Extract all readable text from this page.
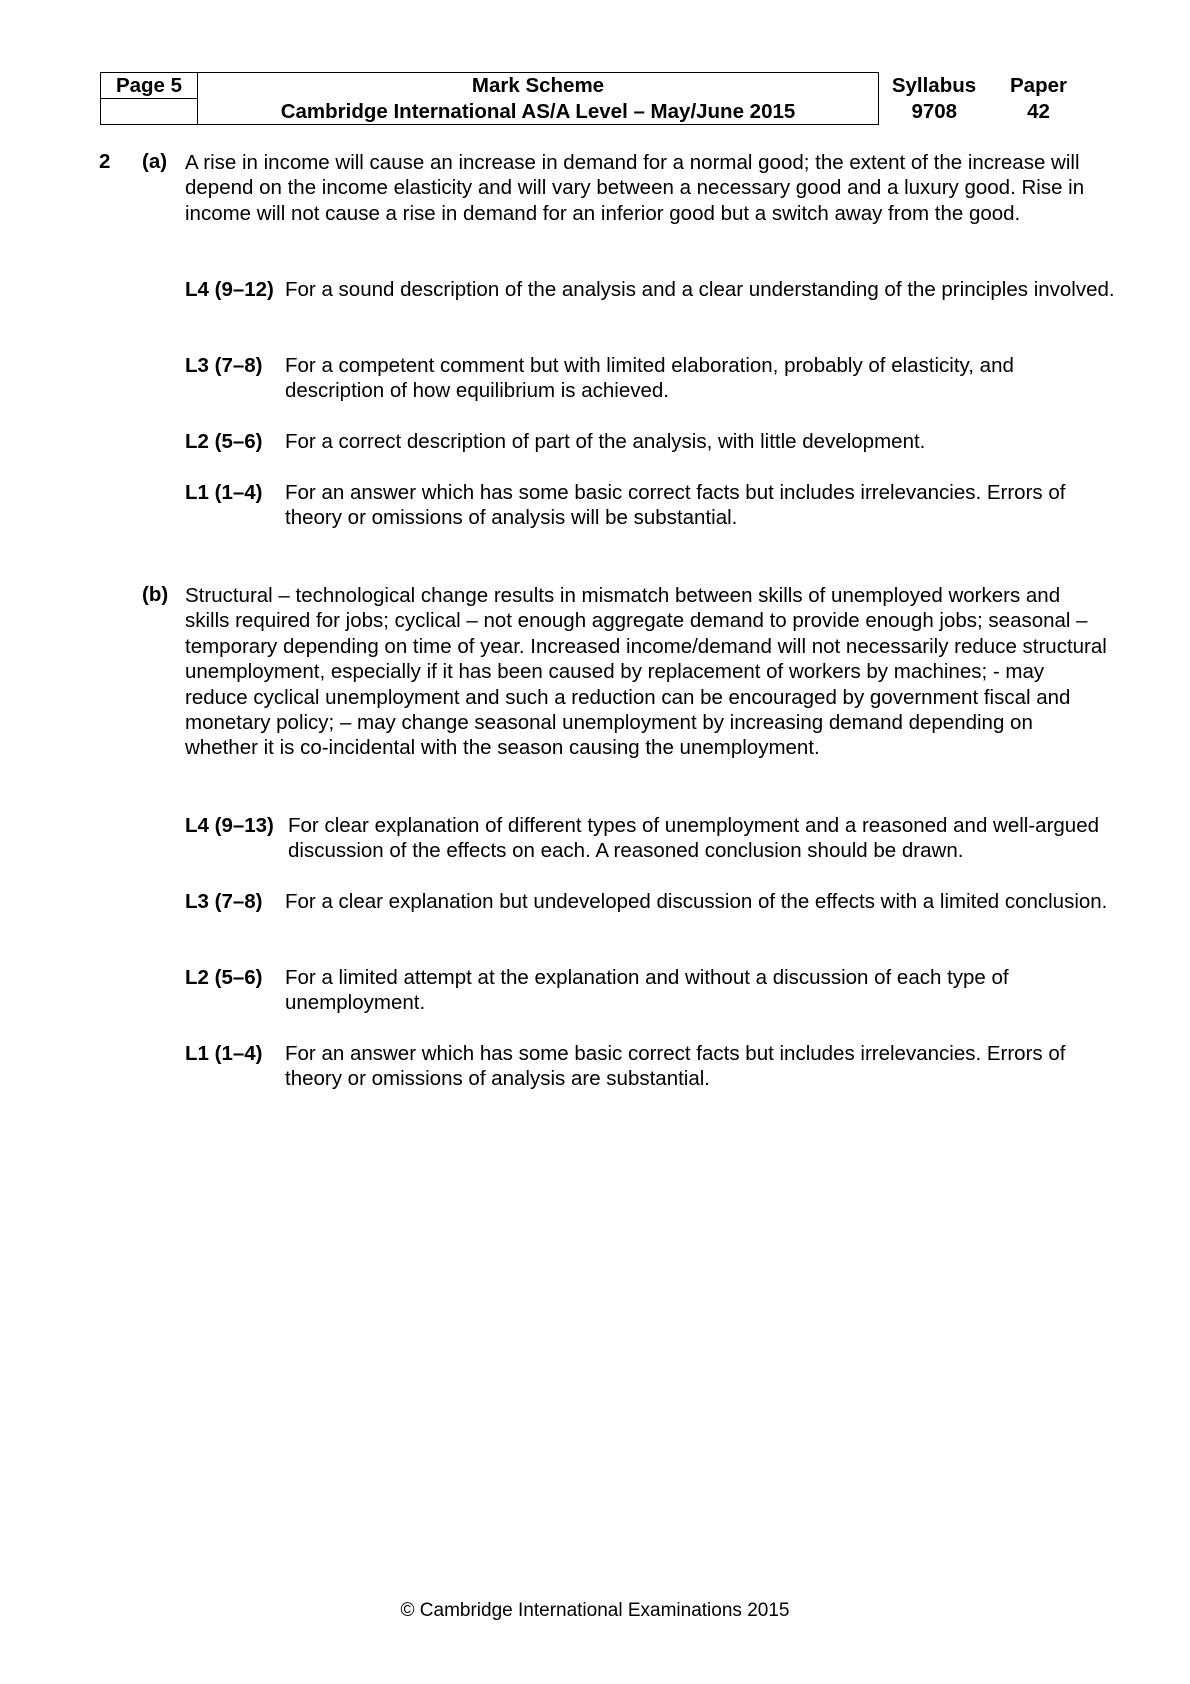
Page 5	Mark Scheme	Syllabus	Paper
	Cambridge International AS/A Level – May/June 2015	9708	42
2 (a) A rise in income will cause an increase in demand for a normal good; the extent of the increase will depend on the income elasticity and will vary between a necessary good and a luxury good. Rise in income will not cause a rise in demand for an inferior good but a switch away from the good.

L4 (9–12) For a sound description of the analysis and a clear understanding of the principles involved.
L3 (7–8) For a competent comment but with limited elaboration, probably of elasticity, and description of how equilibrium is achieved.
L2 (5–6) For a correct description of part of the analysis, with little development.
L1 (1–4) For an answer which has some basic correct facts but includes irrelevancies. Errors of theory or omissions of analysis will be substantial.
(b) Structural – technological change results in mismatch between skills of unemployed workers and skills required for jobs; cyclical – not enough aggregate demand to provide enough jobs; seasonal – temporary depending on time of year. Increased income/demand will not necessarily reduce structural unemployment, especially if it has been caused by replacement of workers by machines; - may reduce cyclical unemployment and such a reduction can be encouraged by government fiscal and monetary policy; – may change seasonal unemployment by increasing demand depending on whether it is co-incidental with the season causing the unemployment.

L4 (9–13) For clear explanation of different types of unemployment and a reasoned and well-argued discussion of the effects on each. A reasoned conclusion should be drawn.
L3 (7–8) For a clear explanation but undeveloped discussion of the effects with a limited conclusion.
L2 (5–6) For a limited attempt at the explanation and without a discussion of each type of unemployment.
L1 (1–4) For an answer which has some basic correct facts but includes irrelevancies. Errors of theory or omissions of analysis are substantial.
© Cambridge International Examinations 2015
